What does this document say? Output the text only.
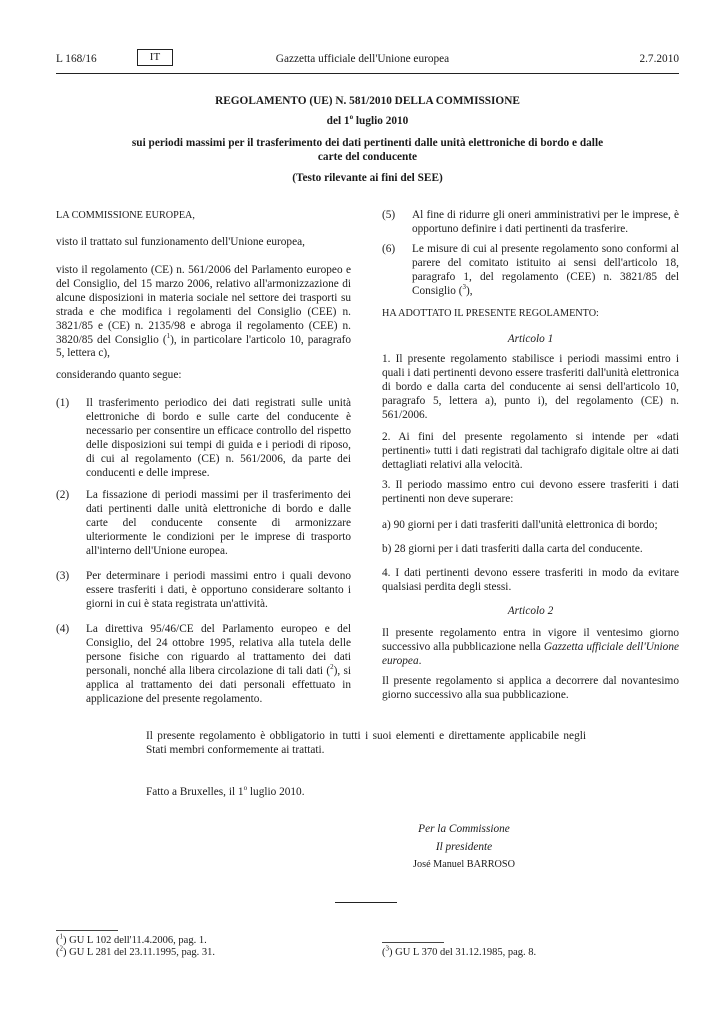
L 168/16	IT	Gazzetta ufficiale dell'Unione europea	2.7.2010
REGOLAMENTO (UE) N. 581/2010 DELLA COMMISSIONE
del 1$^o$ luglio 2010
sui periodi massimi per il trasferimento dei dati pertinenti dalle unità elettroniche di bordo e dalle
carte del conducente
(Testo rilevante ai fini del SEE)
LA COMMISSIONE EUROPEA,
visto il trattato sul funzionamento dell'Unione europea,
visto il regolamento (CE) n. 561/2006 del Parlamento europeo e del Consiglio, del 15 marzo 2006, relativo all'armonizzazione di alcune disposizioni in materia sociale nel settore dei trasporti su strada e che modifica i regolamenti del Consiglio (CEE) n. 3821/85 e (CE) n. 2135/98 e abroga il regolamento (CEE) n. 3820/85 del Consiglio ($^1$), in particolare l'articolo 10, paragrafo 5, lettera c),
considerando quanto segue:
(1) Il trasferimento periodico dei dati registrati sulle unità elettroniche di bordo e sulle carte del conducente è necessario per consentire un efficace controllo del rispetto delle disposizioni sui tempi di guida e i periodi di riposo, di cui al regolamento (CE) n. 561/2006, da parte dei conducenti e delle imprese.
(2) La fissazione di periodi massimi per il trasferimento dei dati pertinenti dalle unità elettroniche di bordo e dalle carte del conducente consente di armonizzare ulteriormente le condizioni per le imprese di trasporto all'interno dell'Unione europea.
(3) Per determinare i periodi massimi entro i quali devono essere trasferiti i dati, è opportuno considerare soltanto i giorni in cui è stata registrata un'attività.
(4) La direttiva 95/46/CE del Parlamento europeo e del Consiglio, del 24 ottobre 1995, relativa alla tutela delle persone fisiche con riguardo al trattamento dei dati personali, nonché alla libera circolazione di tali dati ($^2$), si applica al trattamento dei dati personali effettuato in applicazione del presente regolamento.
(5) Al fine di ridurre gli oneri amministrativi per le imprese, è opportuno definire i dati pertinenti da trasferire.
(6) Le misure di cui al presente regolamento sono conformi al parere del comitato istituito ai sensi dell'articolo 18, paragrafo 1, del regolamento (CEE) n. 3821/85 del Consiglio ($^3$),
HA ADOTTATO IL PRESENTE REGOLAMENTO:
Articolo 1
1. Il presente regolamento stabilisce i periodi massimi entro i quali i dati pertinenti devono essere trasferiti dall'unità elettronica di bordo e dalla carta del conducente ai sensi dell'articolo 10, paragrafo 5, lettera a), punto i), del regolamento (CE) n. 561/2006.
2. Ai fini del presente regolamento si intende per «dati pertinenti» tutti i dati registrati dal tachigrafo digitale oltre ai dati dettagliati relativi alla velocità.
3. Il periodo massimo entro cui devono essere trasferiti i dati pertinenti non deve superare:
a) 90 giorni per i dati trasferiti dall'unità elettronica di bordo;
b) 28 giorni per i dati trasferiti dalla carta del conducente.
4. I dati pertinenti devono essere trasferiti in modo da evitare qualsiasi perdita degli stessi.
Articolo 2
Il presente regolamento entra in vigore il ventesimo giorno successivo alla pubblicazione nella Gazzetta ufficiale dell'Unione europea.
Il presente regolamento si applica a decorrere dal novantesimo giorno successivo alla sua pubblicazione.
Il presente regolamento è obbligatorio in tutti i suoi elementi e direttamente applicabile negli Stati membri conformemente ai trattati.
Fatto a Bruxelles, il 1$^o$ luglio 2010.
Per la Commissione
Il presidente
José Manuel BARROSO
($^1$) GU L 102 dell'11.4.2006, pag. 1.
($^2$) GU L 281 del 23.11.1995, pag. 31.	($^3$) GU L 370 del 31.12.1985, pag. 8.
